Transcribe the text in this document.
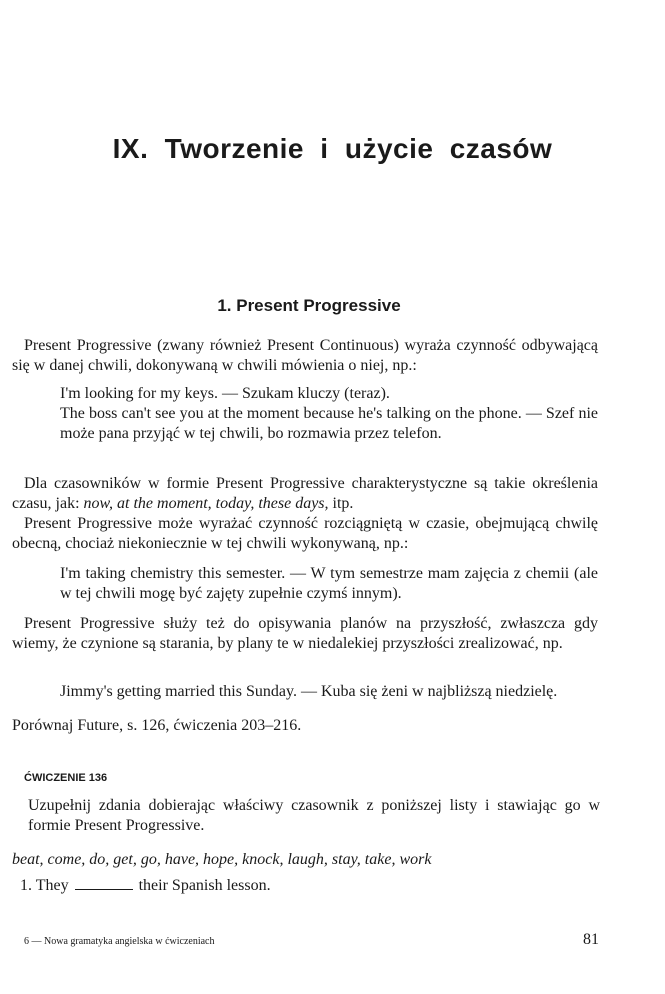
IX. Tworzenie i użycie czasów
1. Present Progressive
Present Progressive (zwany również Present Continuous) wyraża czynność odbywającą się w danej chwili, dokonywaną w chwili mówienia o niej, np.:
I'm looking for my keys. — Szukam kluczy (teraz).
The boss can't see you at the moment because he's talking on the phone. — Szef nie może pana przyjąć w tej chwili, bo rozmawia przez telefon.
Dla czasowników w formie Present Progressive charakterystyczne są takie określenia czasu, jak: now, at the moment, today, these days, itp.
Present Progressive może wyrażać czynność rozciągniętą w czasie, obejmującą chwilę obecną, chociaż niekoniecznie w tej chwili wykonywaną, np.:
I'm taking chemistry this semester. — W tym semestrze mam zajęcia z chemii (ale w tej chwili mogę być zajęty zupełnie czymś innym).
Present Progressive służy też do opisywania planów na przyszłość, zwłaszcza gdy wiemy, że czynione są starania, by plany te w niedalekiej przyszłości zrealizować, np.
Jimmy's getting married this Sunday. — Kuba się żeni w najbliższą niedzielę.
Porównaj Future, s. 126, ćwiczenia 203–216.
ĆWICZENIE 136
Uzupełnij zdania dobierając właściwy czasownik z poniższej listy i stawiając go w formie Present Progressive.
beat, come, do, get, go, have, hope, knock, laugh, stay, take, work
1. They	their Spanish lesson.
6 — Nowa gramatyka angielska w ćwiczeniach	81
